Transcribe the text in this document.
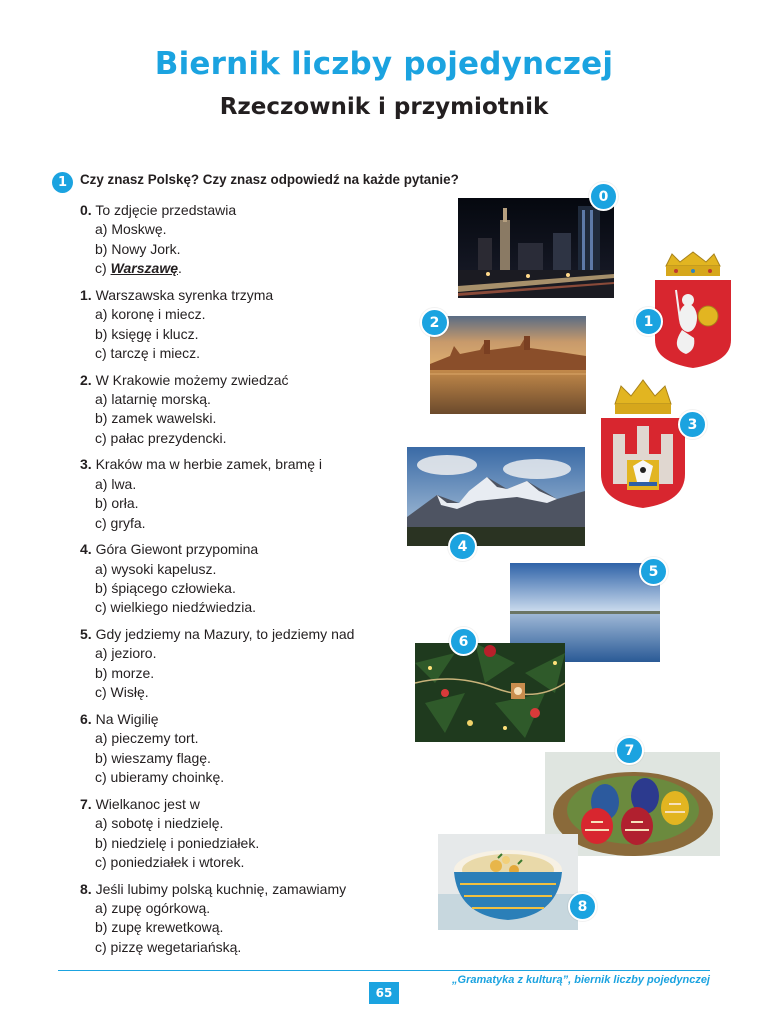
Biernik liczby pojedynczej
Rzeczownik i przymiotnik
1 Czy znasz Polskę? Czy znasz odpowiedź na każde pytanie?
0. To zdjęcie przedstawia
a) Moskwę.
b) Nowy Jork.
c) Warszawę.
1. Warszawska syrenka trzyma
a) koronę i miecz.
b) księgę i klucz.
c) tarczę i miecz.
2. W Krakowie możemy zwiedzać
a) latarnię morską.
b) zamek wawelski.
c) pałac prezydencki.
3. Kraków ma w herbie zamek, bramę i
a) lwa.
b) orła.
c) gryfa.
4. Góra Giewont przypomina
a) wysoki kapelusz.
b) śpiącego człowieka.
c) wielkiego niedźwiedzia.
5. Gdy jedziemy na Mazury, to jedziemy nad
a) jezioro.
b) morze.
c) Wisłę.
6. Na Wigilię
a) pieczemy tort.
b) wieszamy flagę.
c) ubieramy choinkę.
7. Wielkanoc jest w
a) sobotę i niedzielę.
b) niedzielę i poniedziałek.
c) poniedziałek i wtorek.
8. Jeśli lubimy polską kuchnię, zamawiamy
a) zupę ogórkową.
b) zupę krewetkową.
c) pizzę wegetariańską.
0
1
2
3
4
5
6
7
8
„Gramatyka z kulturą”, biernik liczby pojedynczej
65
